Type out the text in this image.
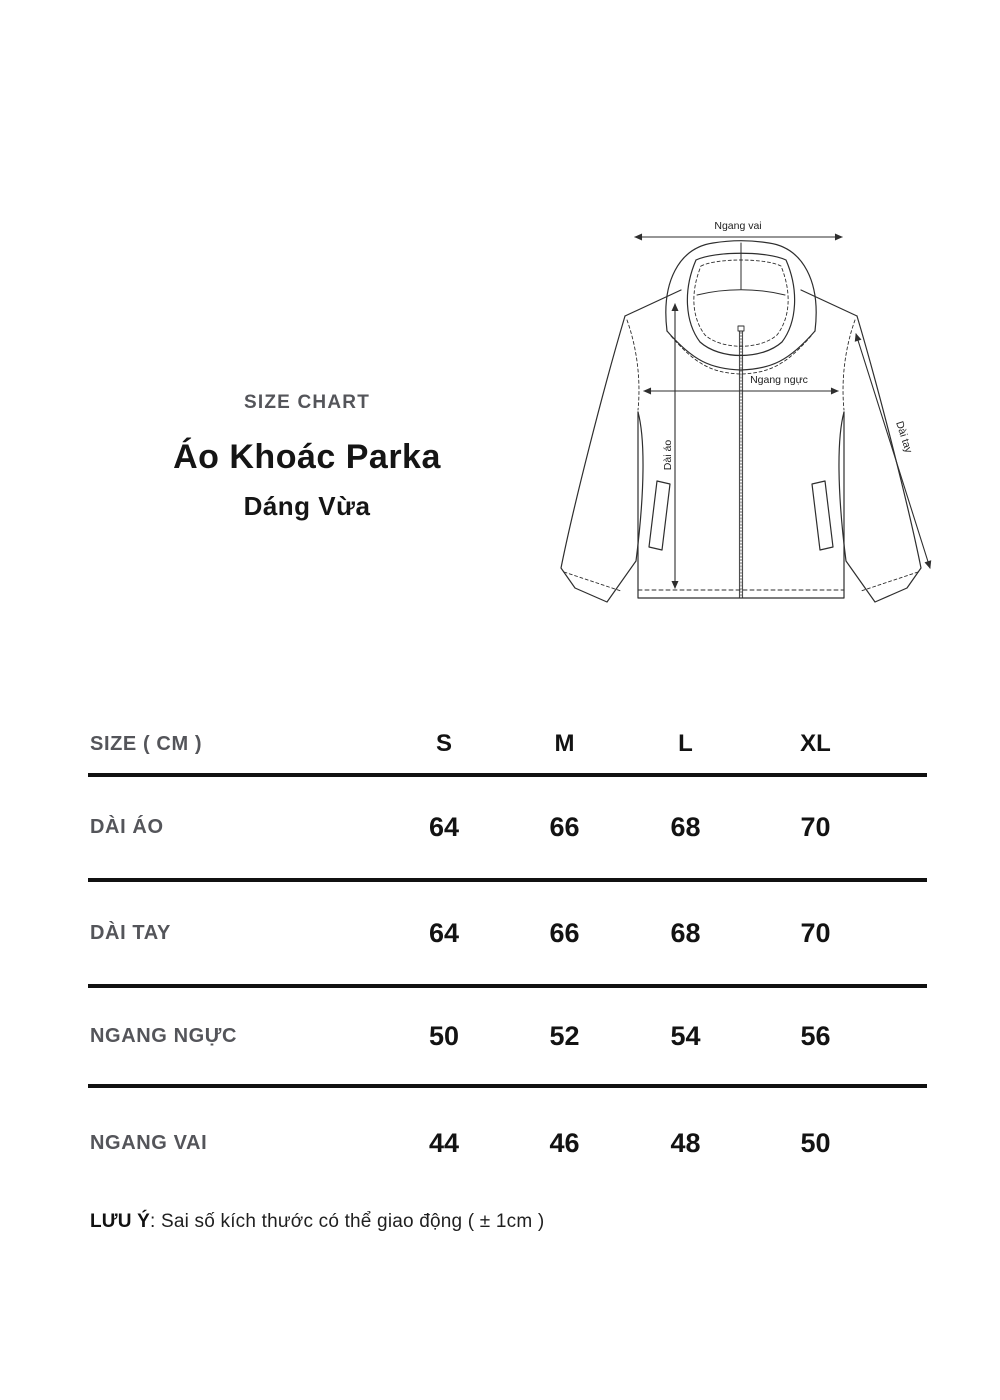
SIZE CHART
Áo Khoác Parka
Dáng Vừa
Ngang vai
Ngang ngực
Dài áo
Dài tay
SIZE ( CM )	S	M	L	XL
DÀI ÁO	64	66	68	70
DÀI TAY	64	66	68	70
NGANG NGỰC	50	52	54	56
NGANG VAI	44	46	48	50
LƯU Ý: Sai số kích thước có thể giao động ( ± 1cm )
